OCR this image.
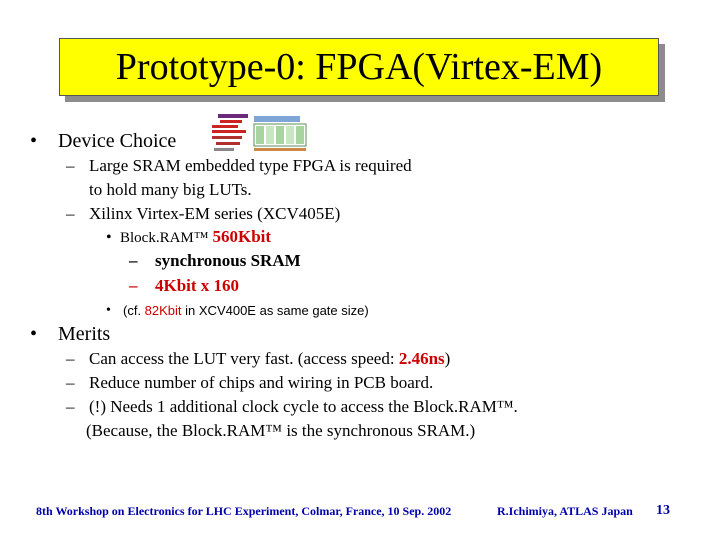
Prototype-0: FPGA(Virtex-EM)
• Device Choice
– Large SRAM embedded type FPGA is required
to hold many big LUTs.
– Xilinx Virtex-EM series (XCV405E)
• Block.RAM™ 560Kbit
– synchronous SRAM
– 4Kbit x 160
• (cf. 82Kbit in XCV400E as same gate size)
• Merits
– Can access the LUT very fast. (access speed: 2.46ns)
– Reduce number of chips and wiring in PCB board.
– (!) Needs 1 additional clock cycle to access the Block.RAM™.
(Because, the Block.RAM™ is the synchronous SRAM.)
8th Workshop on Electronics for LHC Experiment, Colmar, France, 10 Sep. 2002	R.Ichimiya, ATLAS Japan 13
